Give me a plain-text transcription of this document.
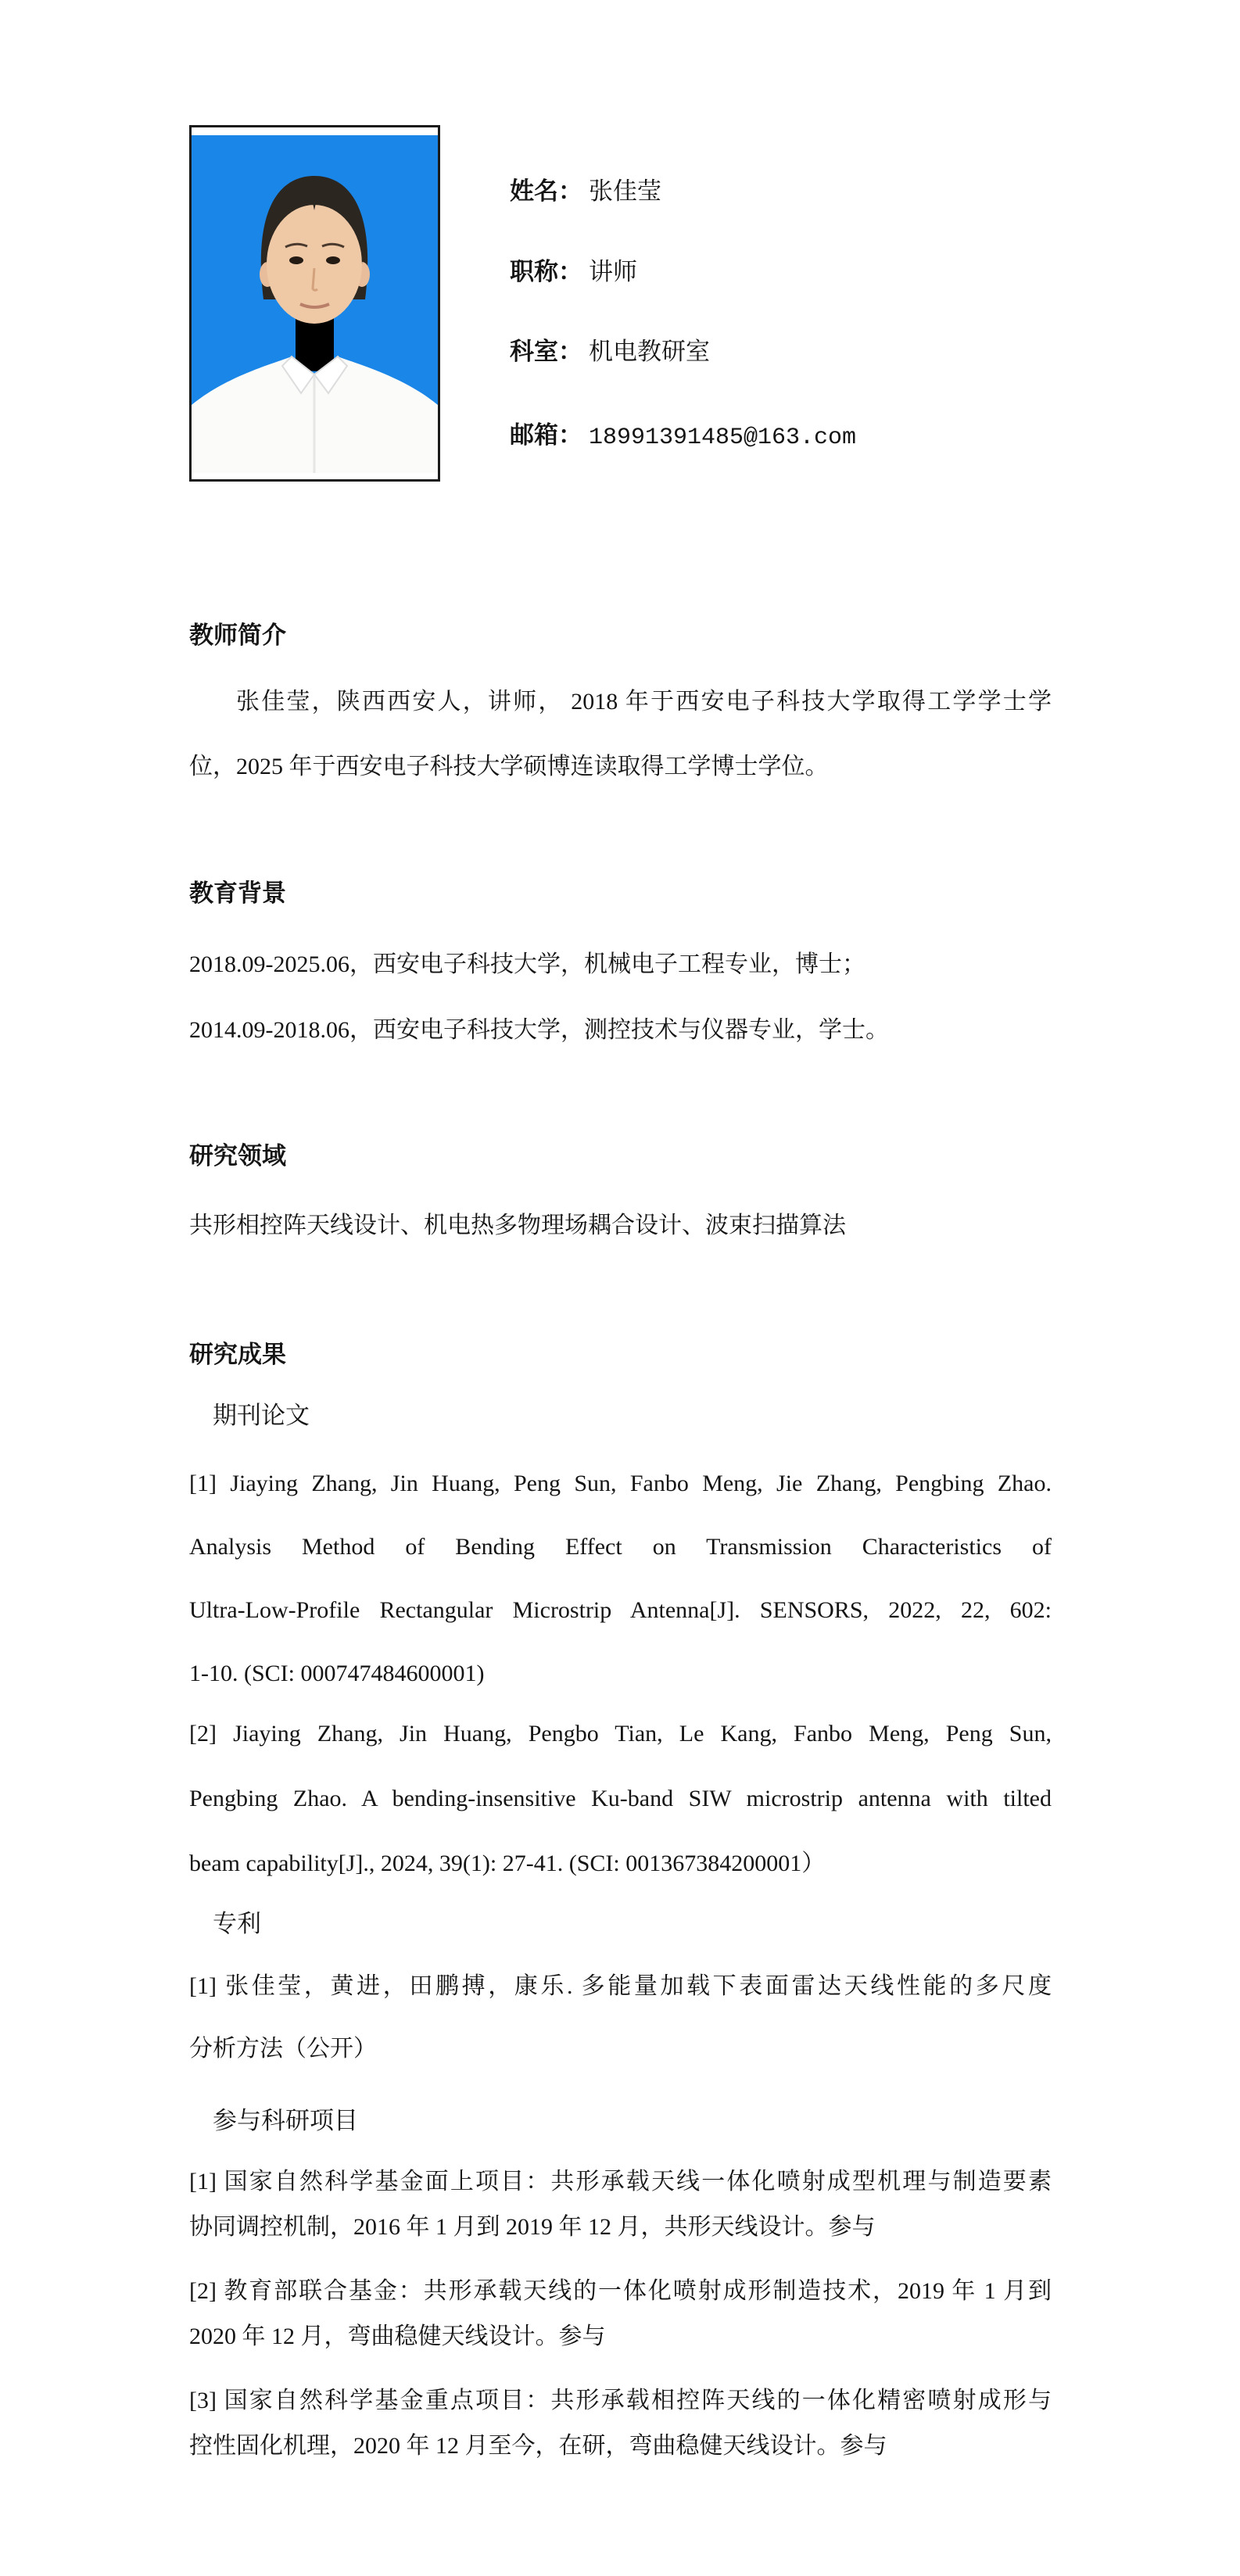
姓名： 张佳莹
职称： 讲师
科室： 机电教研室
邮箱： 18991391485@163.com
教师简介
张佳莹，陕西西安人，讲师， 2018 年于西安电子科技大学取得工学学士学
位，2025 年于西安电子科技大学硕博连读取得工学博士学位。
教育背景
2018.09-2025.06，西安电子科技大学，机械电子工程专业，博士；
2014.09-2018.06，西安电子科技大学，测控技术与仪器专业，学士。
研究领域
共形相控阵天线设计、机电热多物理场耦合设计、波束扫描算法
研究成果
期刊论文
[1] Jiaying Zhang, Jin Huang, Peng Sun, Fanbo Meng, Jie Zhang, Pengbing Zhao.
Analysis Method of Bending Effect on Transmission Characteristics of
Ultra-Low-Profile Rectangular Microstrip Antenna[J]. SENSORS, 2022, 22, 602:
1-10. (SCI: 000747484600001)
[2] Jiaying Zhang, Jin Huang, Pengbo Tian, Le Kang, Fanbo Meng, Peng Sun,
Pengbing Zhao. A bending-insensitive Ku-band SIW microstrip antenna with tilted
beam capability[J]., 2024, 39(1): 27-41. (SCI: 001367384200001）
专利
[1] 张佳莹，黄进，田鹏搏，康乐. 多能量加载下表面雷达天线性能的多尺度
分析方法（公开）
参与科研项目
[1] 国家自然科学基金面上项目：共形承载天线一体化喷射成型机理与制造要素
协同调控机制，2016 年 1 月到 2019 年 12 月，共形天线设计。参与
[2] 教育部联合基金：共形承载天线的一体化喷射成形制造技术，2019 年 1 月到
2020 年 12 月，弯曲稳健天线设计。参与
[3] 国家自然科学基金重点项目：共形承载相控阵天线的一体化精密喷射成形与
控性固化机理，2020 年 12 月至今，在研，弯曲稳健天线设计。参与
